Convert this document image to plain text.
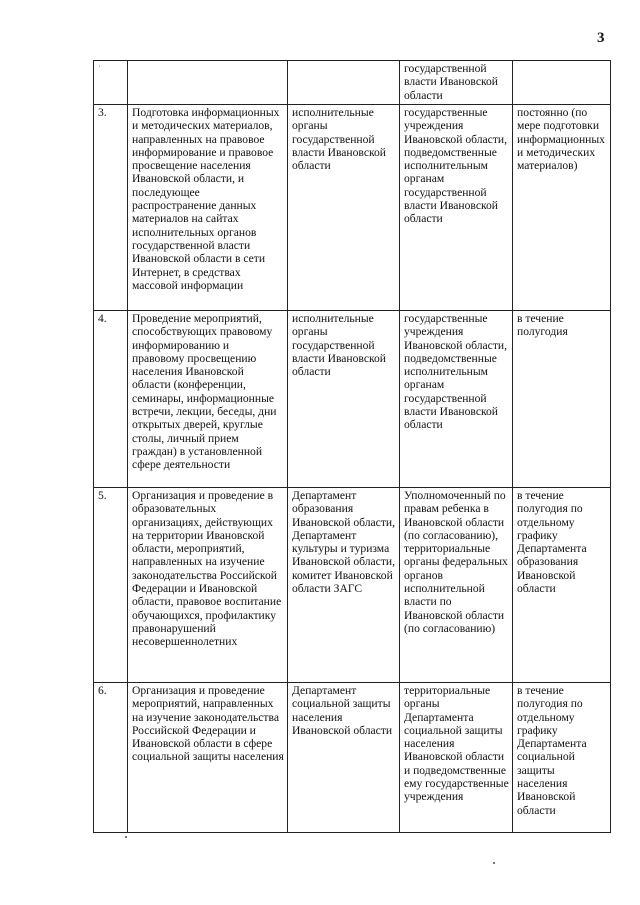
3
ˈ			государственной власти Ивановской области	
3.	Подготовка информационных и методических материалов, направленных на правовое информирование и правовое просвещение населения Ивановской области, и последующее распространение данных материалов на сайтах исполнительных органов государственной власти Ивановской области в сети Интернет, в средствах массовой информации	исполнительные органы государственной власти Ивановской области	государственные учреждения Ивановской области, подведомственные исполнительным органам государственной власти Ивановской области	постоянно (по мере подготовки информационных и методических материалов)
4.	Проведение мероприятий, способствующих правовому информированию и правовому просвещению населения Ивановской области (конференции, семинары, информационные встречи, лекции, беседы, дни открытых дверей, круглые столы, личный прием граждан) в установленной сфере деятельности	исполнительные органы государственной власти Ивановской области	государственные учреждения Ивановской области, подведомственные исполнительным органам государственной власти Ивановской области	в течение полугодия
5.	Организация и проведение в образовательных организациях, действующих на территории Ивановской области, мероприятий, направленных на изучение законодательства Российской Федерации и Ивановской области, правовое воспитание обучающихся, профилактику правонарушений несовершеннолетних	Департамент образования Ивановской области, Департамент культуры и туризма Ивановской области, комитет Ивановской области ЗАГС	Уполномоченный по правам ребенка в Ивановской области (по согласованию), территориальные органы федеральных органов исполнительной власти по Ивановской области (по согласованию)	в течение полугодия по отдельному графику Департамента образования Ивановской области
6.	Организация и проведение мероприятий, направленных на изучение законодательства Российской Федерации и Ивановской области в сфере социальной защиты населения	Департамент социальной защиты населения Ивановской области	территориальные органы Департамента социальной защиты населения Ивановской области и подведомственные ему государственные учреждения	в течение полугодия по отдельному графику Департамента социальной защиты населения Ивановской области
